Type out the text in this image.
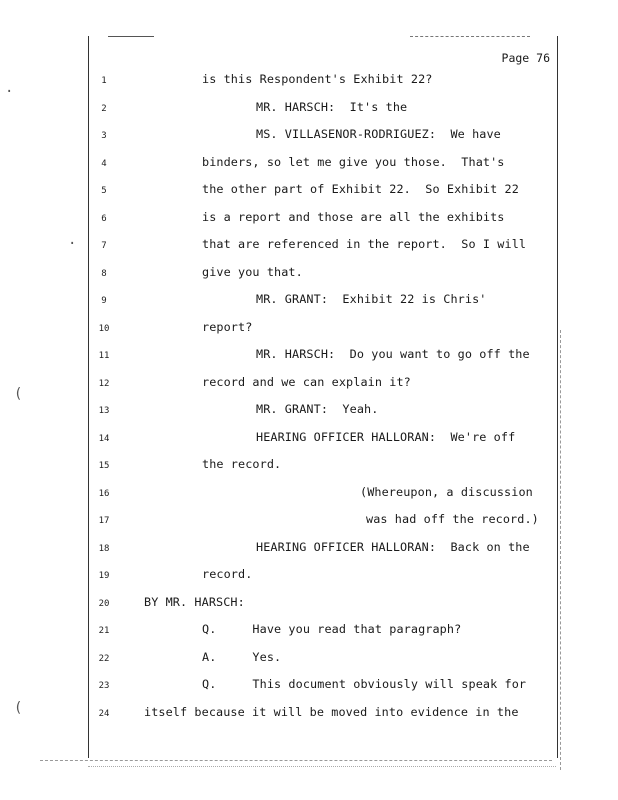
·
(
(
·
Page 76
1	is this Respondent's Exhibit 22?
2	MR. HARSCH:  It's the
3	MS. VILLASENOR-RODRIGUEZ:  We have
4	binders, so let me give you those.  That's
5	the other part of Exhibit 22.  So Exhibit 22
6	is a report and those are all the exhibits
7	that are referenced in the report.  So I will
8	give you that.
9	MR. GRANT:  Exhibit 22 is Chris'
10	report?
11	MR. HARSCH:  Do you want to go off the
12	record and we can explain it?
13	MR. GRANT:  Yeah.
14	HEARING OFFICER HALLORAN:  We're off
15	the record.
16	(Whereupon, a discussion
17	was had off the record.)
18	HEARING OFFICER HALLORAN:  Back on the
19	record.
20	BY MR. HARSCH:
21	Q.     Have you read that paragraph?
22	A.     Yes.
23	Q.     This document obviously will speak for
24	itself because it will be moved into evidence in the
